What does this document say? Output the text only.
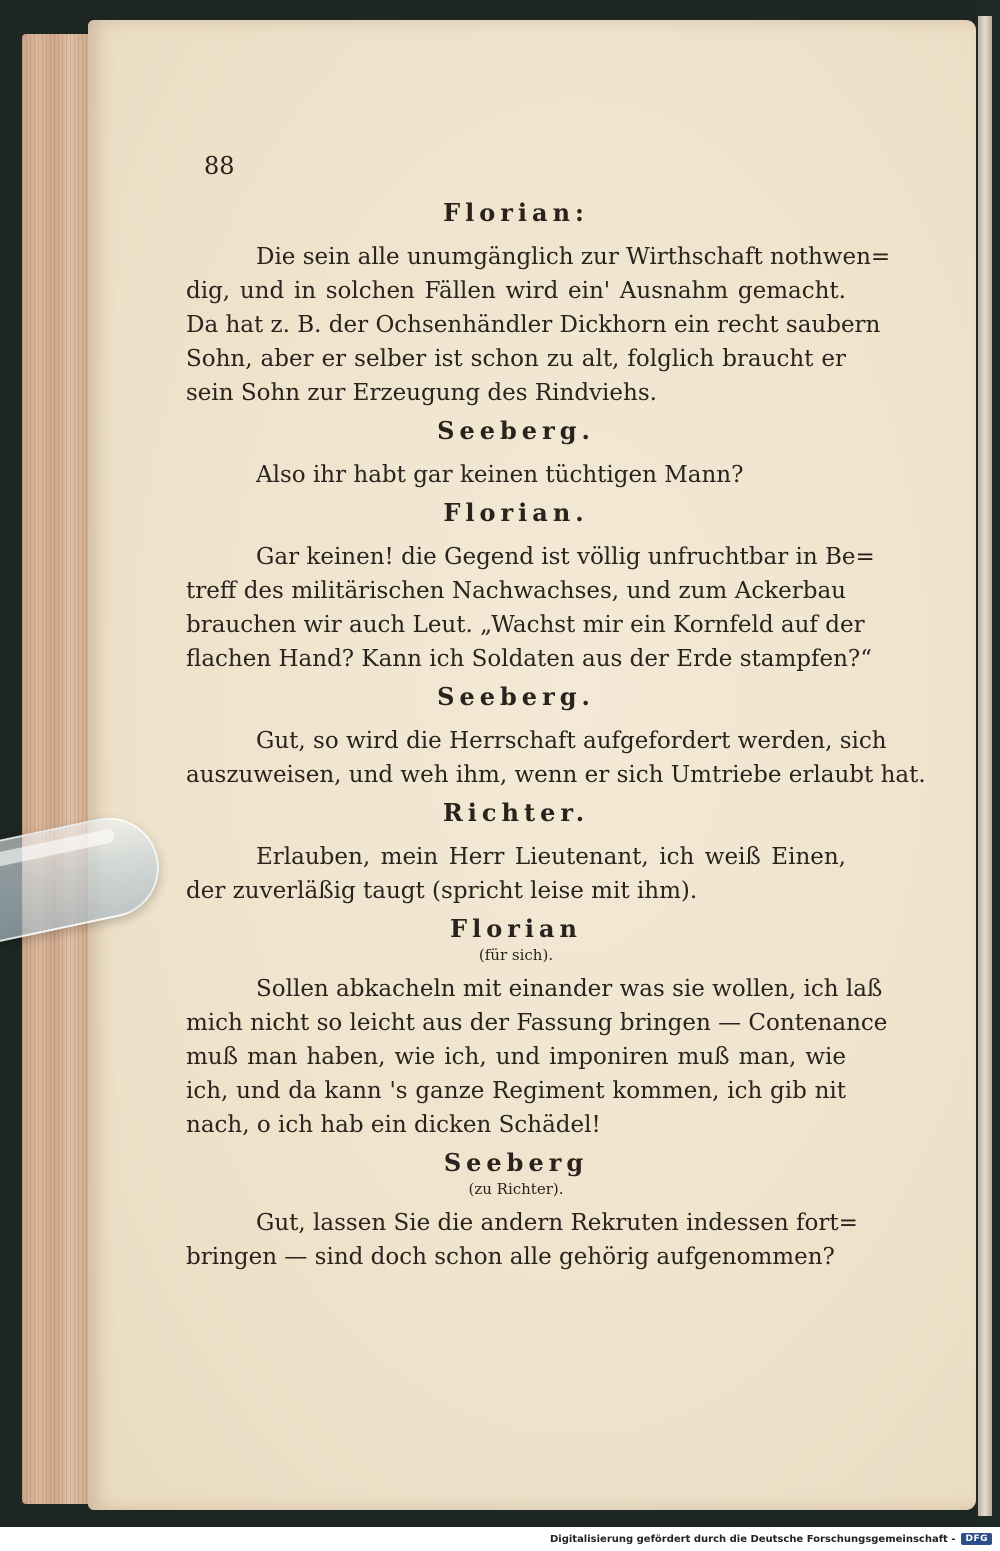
88

Florian:

Die sein alle unumgänglich zur Wirthschaft nothwen=

dig, und in solchen Fällen wird ein' Ausnahm gemacht.

Da hat z. B. der Ochsenhändler Dickhorn ein recht saubern

Sohn, aber er selber ist schon zu alt, folglich braucht er

sein Sohn zur Erzeugung des Rindviehs.

Seeberg.

Also ihr habt gar keinen tüchtigen Mann?

Florian.

Gar keinen! die Gegend ist völlig unfruchtbar in Be=

treff des militärischen Nachwachses, und zum Ackerbau

brauchen wir auch Leut. „Wachst mir ein Kornfeld auf der

flachen Hand? Kann ich Soldaten aus der Erde stampfen?“

Seeberg.

Gut, so wird die Herrschaft aufgefordert werden, sich

auszuweisen, und weh ihm, wenn er sich Umtriebe erlaubt hat.

Richter.

Erlauben, mein Herr Lieutenant, ich weiß Einen,

der zuverläßig taugt (spricht leise mit ihm).

Florian

(für sich).

Sollen abkacheln mit einander was sie wollen, ich laß

mich nicht so leicht aus der Fassung bringen — Contenance

muß man haben, wie ich, und imponiren muß man, wie

ich, und da kann 's ganze Regiment kommen, ich gib nit

nach, o ich hab ein dicken Schädel!

Seeberg

(zu Richter).

Gut, lassen Sie die andern Rekruten indessen fort=

bringen — sind doch schon alle gehörig aufgenommen?

Digitalisierung gefördert durch die Deutsche Forschungsgemeinschaft -	DFG
